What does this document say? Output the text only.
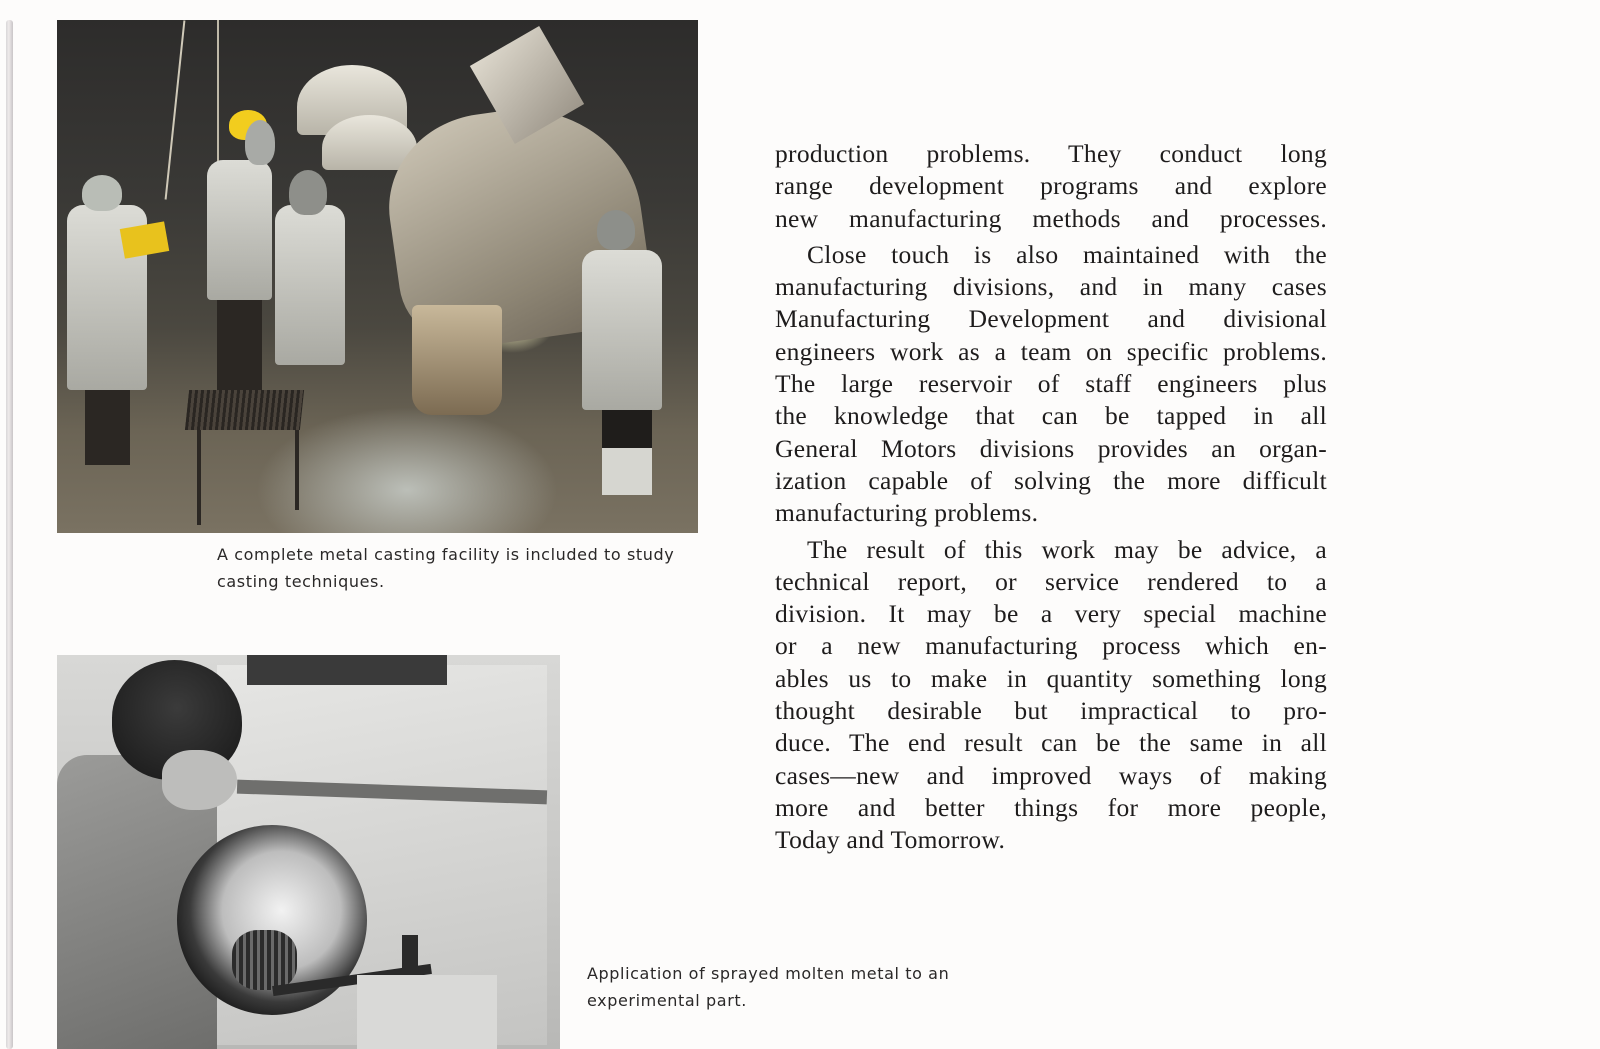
A complete metal casting facility is included to study
casting techniques.

Application of sprayed molten metal to an
experimental part.

production problems. They conduct long
range development programs and explore
new manufacturing methods and processes.

Close touch is also maintained with the
manufacturing divisions, and in many cases
Manufacturing Development and divisional
engineers work as a team on specific problems.
The large reservoir of staff engineers plus
the knowledge that can be tapped in all
General Motors divisions provides an organ-
ization capable of solving the more difficult
manufacturing problems.

The result of this work may be advice, a
technical report, or service rendered to a
division. It may be a very special machine
or a new manufacturing process which en-
ables us to make in quantity something long
thought desirable but impractical to pro-
duce. The end result can be the same in all
cases—new and improved ways of making
more and better things for more people,
Today and Tomorrow.
